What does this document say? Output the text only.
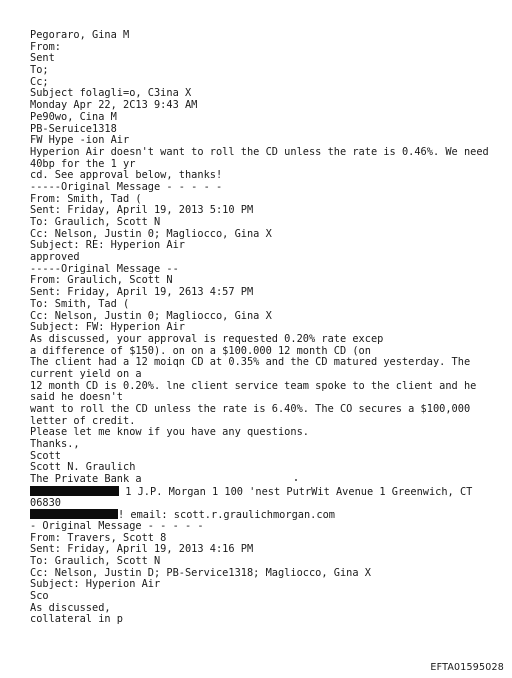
Pegoraro, Gina M
From:
Sent
To;
Cc;
Subject folagli=o, C3ina X
Monday Apr 22, 2C13 9:43 AM
Pe90wo, Cina M
PB-Seruice1318
FW Hype -ion Air
Hyperion Air doesn't want to roll the CD unless the rate is 0.46%. We need
40bp for the 1 yr
cd. See approval below, thanks!
-----Original Message - - - - -
From: Smith, Tad (
Sent: Friday, April 19, 2013 5:10 PM
To: Graulich, Scott N
Cc: Nelson, Justin 0; Magliocco, Gina X
Subject: RE: Hyperion Air
approved
-----Original Message --
From: Graulich, Scott N
Sent: Friday, April 19, 2613 4:57 PM
To: Smith, Tad (
Cc: Nelson, Justin 0; Magliocco, Gina X
Subject: FW: Hyperion Air
As discussed, your approval is requested 0.20% rate excep
a difference of $150). on on a $100.000 12 month CD (on
The client had a 12 moiqn CD at 0.35% and the CD matured yesterday. The
current yield on a
12 month CD is 0.20%. lne client service team spoke to the client and he
said he doesn't
want to roll the CD unless the rate is 6.40%. The CO secures a $100,000
letter of credit.
Please let me know if you have any questions.
Thanks.,
Scott
Scott N. Graulich
The Private Bank a
1 J.P. Morgan 1 100 'nest PutrWit Avenue 1 Greenwich, CT
06830
! email: scott.r.graulichmorgan.com
- Original Message - - - - -
From: Travers, Scott 8
Sent: Friday, April 19, 2013 4:16 PM
To: Graulich, Scott N
Cc: Nelson, Justin D; PB-Service1318; Magliocco, Gina X
Subject: Hyperion Air
Sco
As discussed,
collateral in p
EFTA01595028
